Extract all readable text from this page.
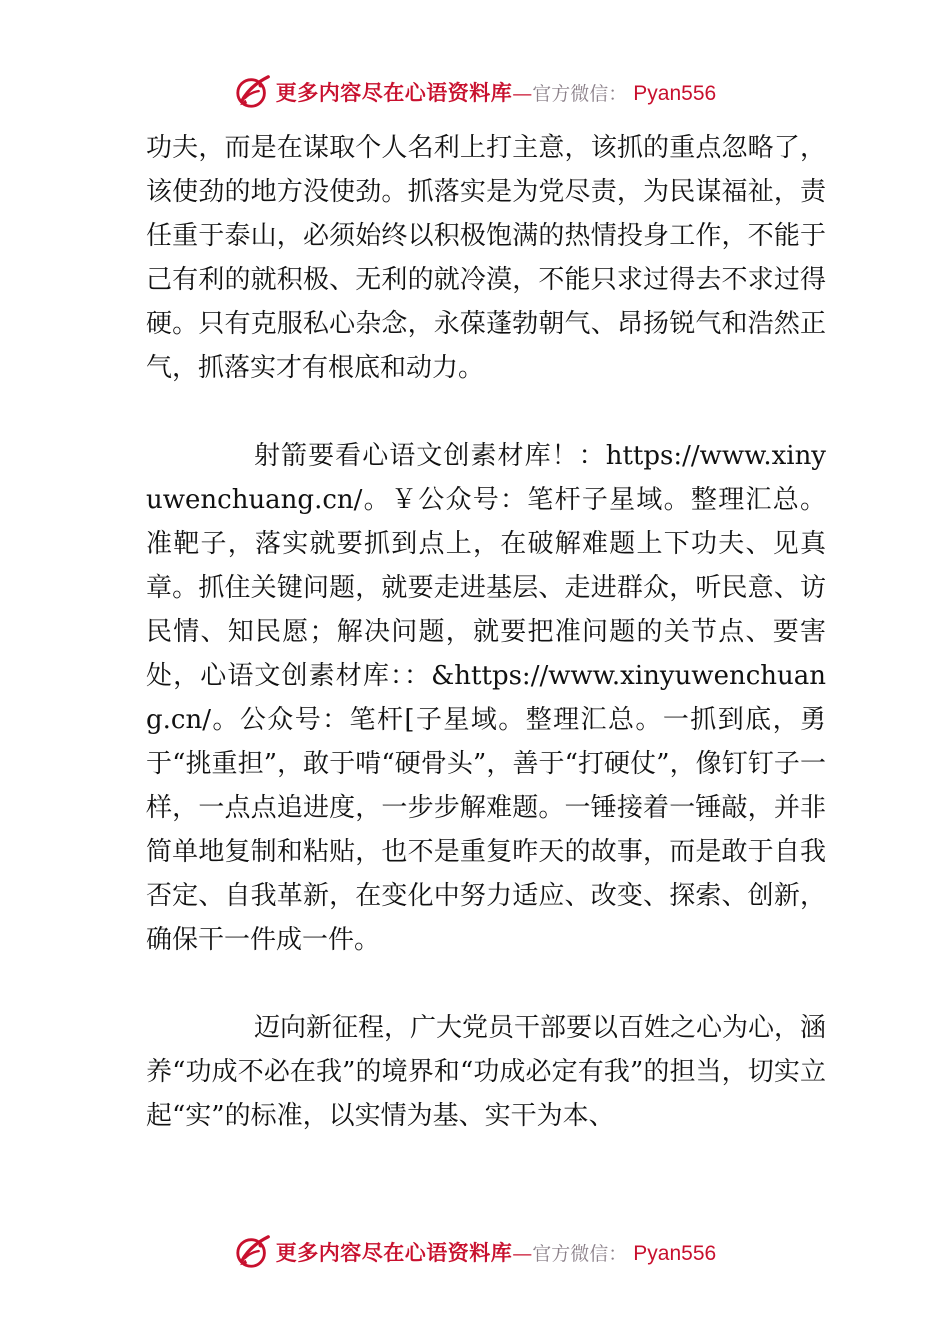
更多内容尽在心语资料库 — 官方微信： Pyan556

功夫，而是在谋取个人名利上打主意，该抓的重点忽略了，该使劲的地方没使劲。抓落实是为党尽责，为民谋福祉，责任重于泰山，必须始终以积极饱满的热情投身工作，不能于己有利的就积极、无利的就冷漠，不能只求过得去不求过得硬。只有克服私心杂念，永葆蓬勃朝气、昂扬锐气和浩然正气，抓落实才有根底和动力。

射箭要看心语文创素材库！：https://www.xinyuwenchuang.cn/。￥公众号：笔杆子星域。整理汇总。准靶子，落实就要抓到点上，在破解难题上下功夫、见真章。抓住关键问题，就要走进基层、走进群众，听民意、访民情、知民愿；解决问题，就要把准问题的关节点、要害处，心语文创素材库：：&https://www.xinyuwenchuang.cn/。公众号：笔杆[子星域。整理汇总。一抓到底，勇于“挑重担”，敢于啃“硬骨头”，善于“打硬仗”，像钉钉子一样，一点点追进度，一步步解难题。一锤接着一锤敲，并非简单地复制和粘贴，也不是重复昨天的故事，而是敢于自我否定、自我革新，在变化中努力适应、改变、探索、创新，确保干一件成一件。

迈向新征程，广大党员干部要以百姓之心为心，涵养“功成不必在我”的境界和“功成必定有我”的担当，切实立起“实”的标准，以实情为基、实干为本、

更多内容尽在心语资料库 — 官方微信： Pyan556
